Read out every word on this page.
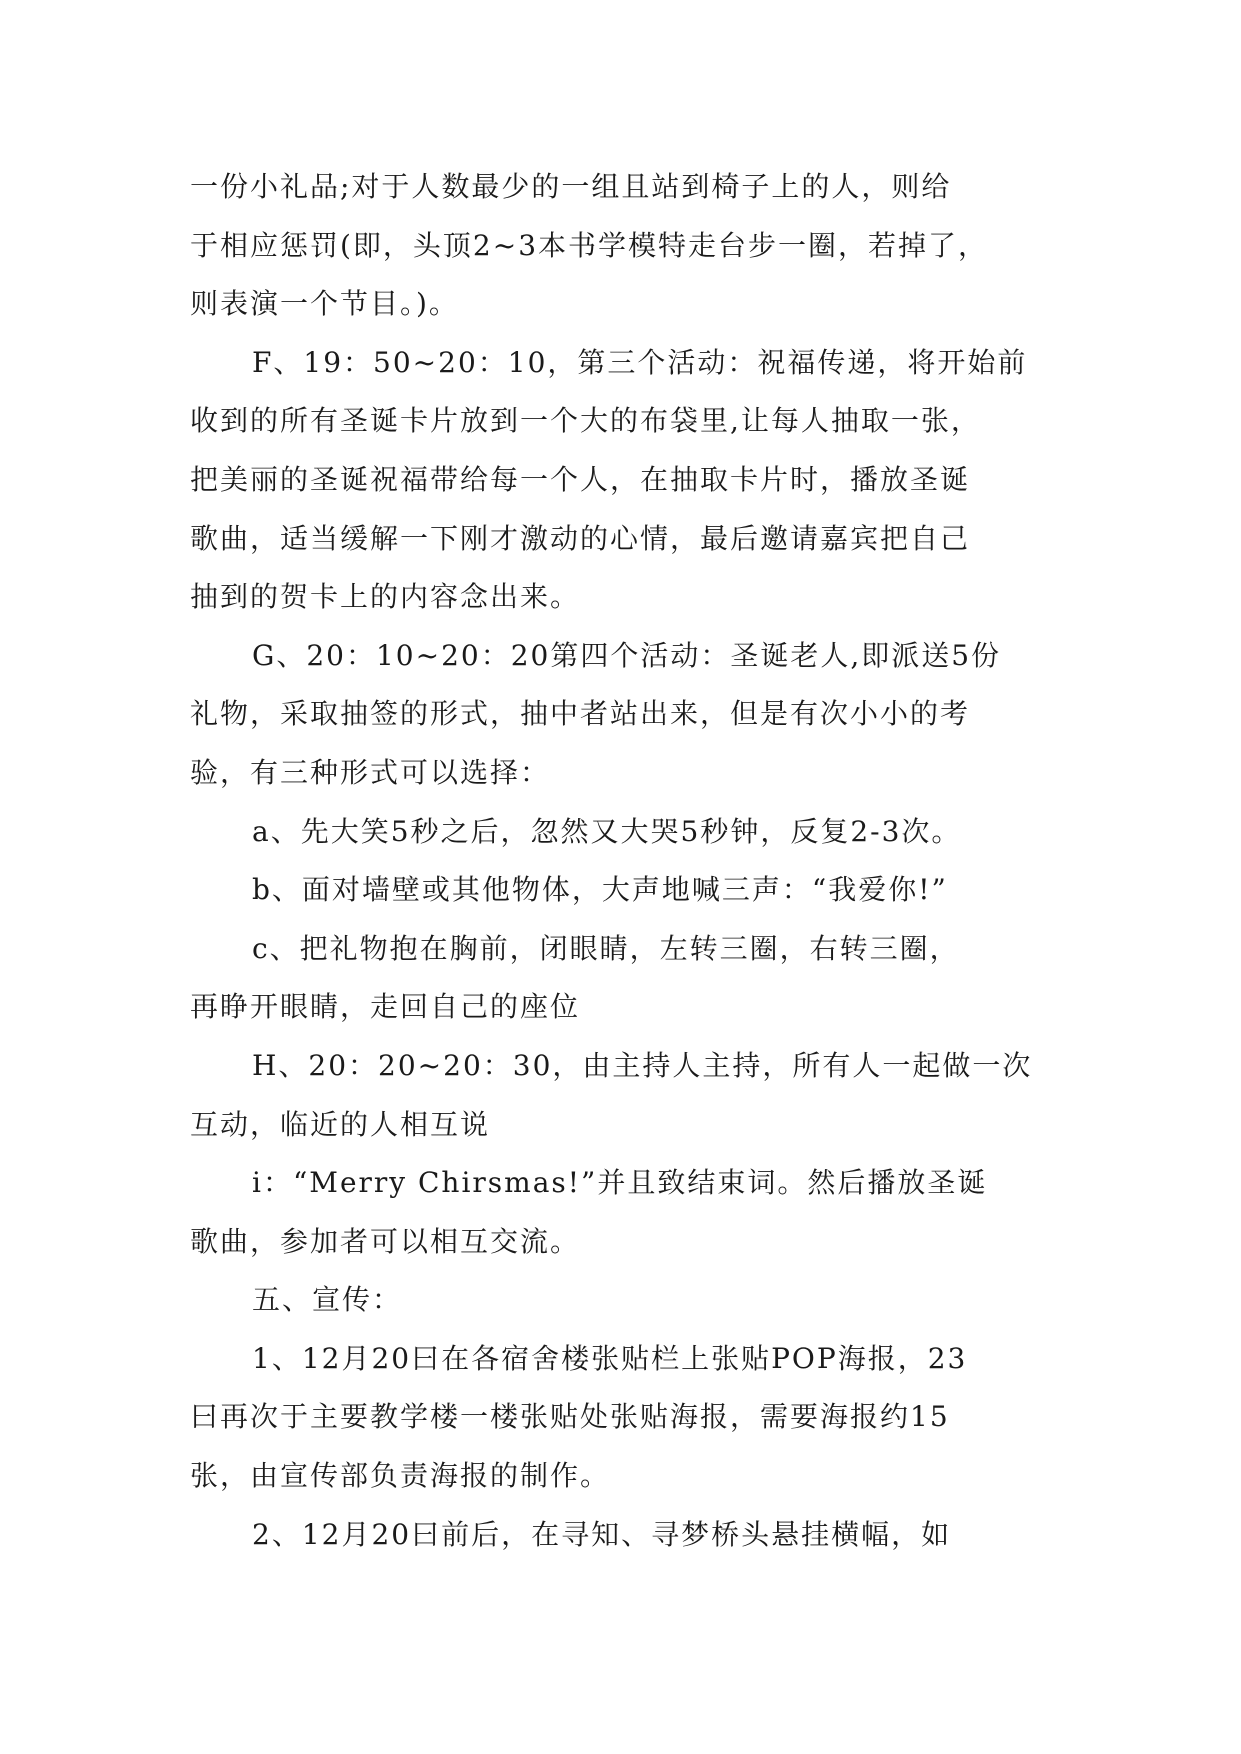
一份小礼品;对于人数最少的一组且站到椅子上的人，则给
于相应惩罚(即，头顶2~3本书学模特走台步一圈，若掉了，
则表演一个节目。)。
F、19：50~20：10，第三个活动：祝福传递，将开始前
收到的所有圣诞卡片放到一个大的布袋里,让每人抽取一张，
把美丽的圣诞祝福带给每一个人，在抽取卡片时，播放圣诞
歌曲，适当缓解一下刚才激动的心情，最后邀请嘉宾把自己
抽到的贺卡上的内容念出来。
G、20：10~20：20第四个活动：圣诞老人,即派送5份
礼物，采取抽签的形式，抽中者站出来，但是有次小小的考
验，有三种形式可以选择：
a、先大笑5秒之后，忽然又大哭5秒钟，反复2-3次。
b、面对墙壁或其他物体，大声地喊三声：“我爱你!”
c、把礼物抱在胸前，闭眼睛，左转三圈，右转三圈，
再睁开眼睛，走回自己的座位
H、20：20~20：30，由主持人主持，所有人一起做一次
互动，临近的人相互说
i：“Merry Chirsmas!”并且致结束词。然后播放圣诞
歌曲，参加者可以相互交流。
五、宣传：
1、12月20曰在各宿舍楼张贴栏上张贴POP海报，23
曰再次于主要教学楼一楼张贴处张贴海报，需要海报约15
张，由宣传部负责海报的制作。
2、12月20曰前后，在寻知、寻梦桥头悬挂横幅，如
